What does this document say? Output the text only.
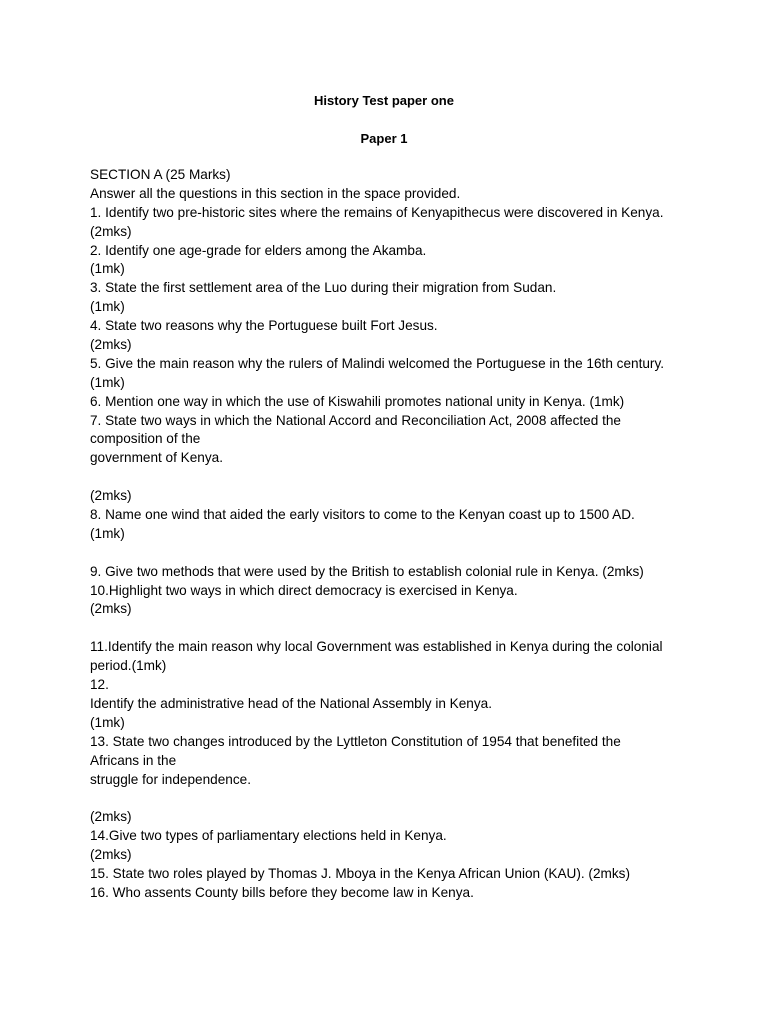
History Test paper one
Paper 1
SECTION A (25 Marks)
Answer all the questions in this section in the space provided.
1. Identify two pre-historic sites where the remains of Kenyapithecus were discovered in Kenya.
(2mks)
2. Identify one age-grade for elders among the Akamba.
(1mk)
3. State the first settlement area of the Luo during their migration from Sudan.
(1mk)
4. State two reasons why the Portuguese built Fort Jesus.
(2mks)
5. Give the main reason why the rulers of Malindi welcomed the Portuguese in the 16th century.
(1mk)
6. Mention one way in which the use of Kiswahili promotes national unity in Kenya. (1mk)
7. State two ways in which the National Accord and Reconciliation Act, 2008 affected the
composition of the
government of Kenya.
(2mks)
8. Name one wind that aided the early visitors to come to the Kenyan coast up to 1500 AD.
(1mk)
9. Give two methods that were used by the British to establish colonial rule in Kenya. (2mks)
10.Highlight two ways in which direct democracy is exercised in Kenya.
(2mks)
11.Identify the main reason why local Government was established in Kenya during the colonial
period.(1mk)
12.
Identify the administrative head of the National Assembly in Kenya.
(1mk)
13. State two changes introduced by the Lyttleton Constitution of 1954 that benefited the
Africans in the
struggle for independence.
(2mks)
14.Give two types of parliamentary elections held in Kenya.
(2mks)
15. State two roles played by Thomas J. Mboya in the Kenya African Union (KAU). (2mks)
16. Who assents County bills before they become law in Kenya.
